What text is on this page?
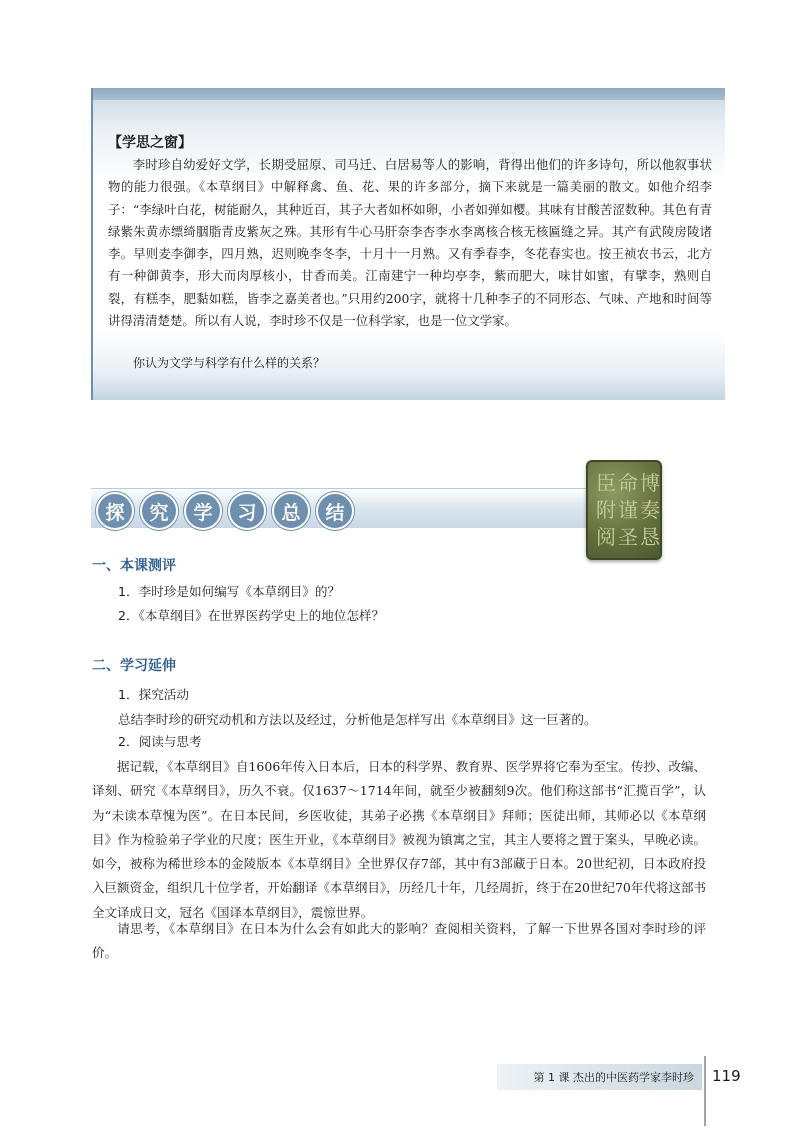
【学思之窗】

李时珍自幼爱好文学，长期受屈原、司马迁、白居易等人的影响，背得出他们的许多诗句，所以他叙事状物的能力很强。《本草纲目》中解释禽、鱼、花、果的许多部分，摘下来就是一篇美丽的散文。如他介绍李子：“李绿叶白花，树能耐久，其种近百，其子大者如杯如卵，小者如弹如樱。其味有甘酸苦涩数种。其色有青绿紫朱黄赤缥绮胭脂青皮紫灰之殊。其形有牛心马肝奈李杏李水李离核合核无核匾缝之异。其产有武陵房陵诸李。早则麦李御李，四月熟，迟则晚李冬李，十月十一月熟。又有季春李，冬花春实也。按王祯农书云，北方有一种御黄李，形大而肉厚核小，甘香而美。江南建宁一种均亭李，紫而肥大，味甘如蜜，有擘李，熟则自裂，有糕李，肥黏如糕，皆李之嘉美者也。”只用约200字，就将十几种李子的不同形态、气味、产地和时间等讲得清清楚楚。所以有人说，李时珍不仅是一位科学家，也是一位文学家。

你认为文学与科学有什么样的关系？
探	究	学	习	总	结
臣 命 博
附 谨 奏
阅 圣 恳
一、本课测评
1．李时珍是如何编写《本草纲目》的？
2．《本草纲目》在世界医药学史上的地位怎样？
二、学习延伸
1．探究活动
总结李时珍的研究动机和方法以及经过，分析他是怎样写出《本草纲目》这一巨著的。
2．阅读与思考

据记载，《本草纲目》自1606年传入日本后，日本的科学界、教育界、医学界将它奉为至宝。传抄、改编、译刻、研究《本草纲目》，历久不衰。仅1637～1714年间，就至少被翻刻9次。他们称这部书“汇揽百学”，认为“未读本草愧为医”。在日本民间，乡医收徒，其弟子必携《本草纲目》拜师；医徒出师，其师必以《本草纲目》作为检验弟子学业的尺度；医生开业，《本草纲目》被视为镇寓之宝，其主人要将之置于案头，早晚必读。如今，被称为稀世珍本的金陵版本《本草纲目》全世界仅存7部，其中有3部藏于日本。20世纪初，日本政府投入巨额资金，组织几十位学者，开始翻译《本草纲目》，历经几十年，几经周折，终于在20世纪70年代将这部书全文译成日文，冠名《国译本草纲目》，震惊世界。

请思考，《本草纲目》在日本为什么会有如此大的影响？查阅相关资料，了解一下世界各国对李时珍的评价。

第 1 课 杰出的中医药学家李时珍	119
